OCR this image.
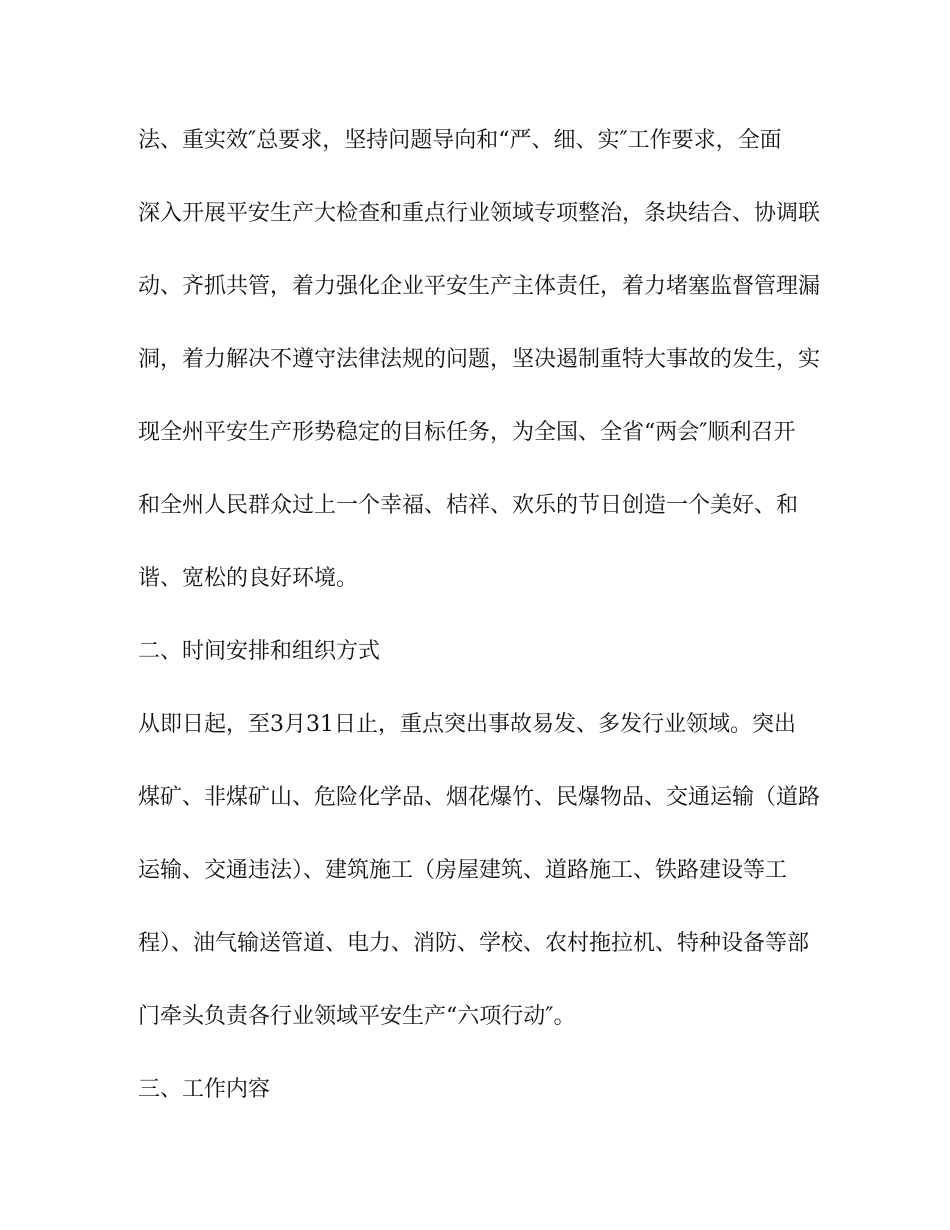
法、重实效″总要求，坚持问题导向和“严、细、实″工作要求，全面
深入开展平安生产大检查和重点行业领域专项整治，条块结合、协调联
动、齐抓共管，着力强化企业平安生产主体责任，着力堵塞监督管理漏
洞，着力解决不遵守法律法规的问题，坚决遏制重特大事故的发生，实
现全州平安生产形势稳定的目标任务，为全国、全省“两会″顺利召开
和全州人民群众过上一个幸福、桔祥、欢乐的节日创造一个美好、和
谐、宽松的良好环境。
二、时间安排和组织方式
从即日起，至3月31日止，重点突出事故易发、多发行业领域。突出
煤矿、非煤矿山、危险化学品、烟花爆竹、民爆物品、交通运输（道路
运输、交通违法）、建筑施工（房屋建筑、道路施工、铁路建设等工
程）、油气输送管道、电力、消防、学校、农村拖拉机、特种设备等部
门牵头负责各行业领域平安生产“六项行动″。
三、工作内容
